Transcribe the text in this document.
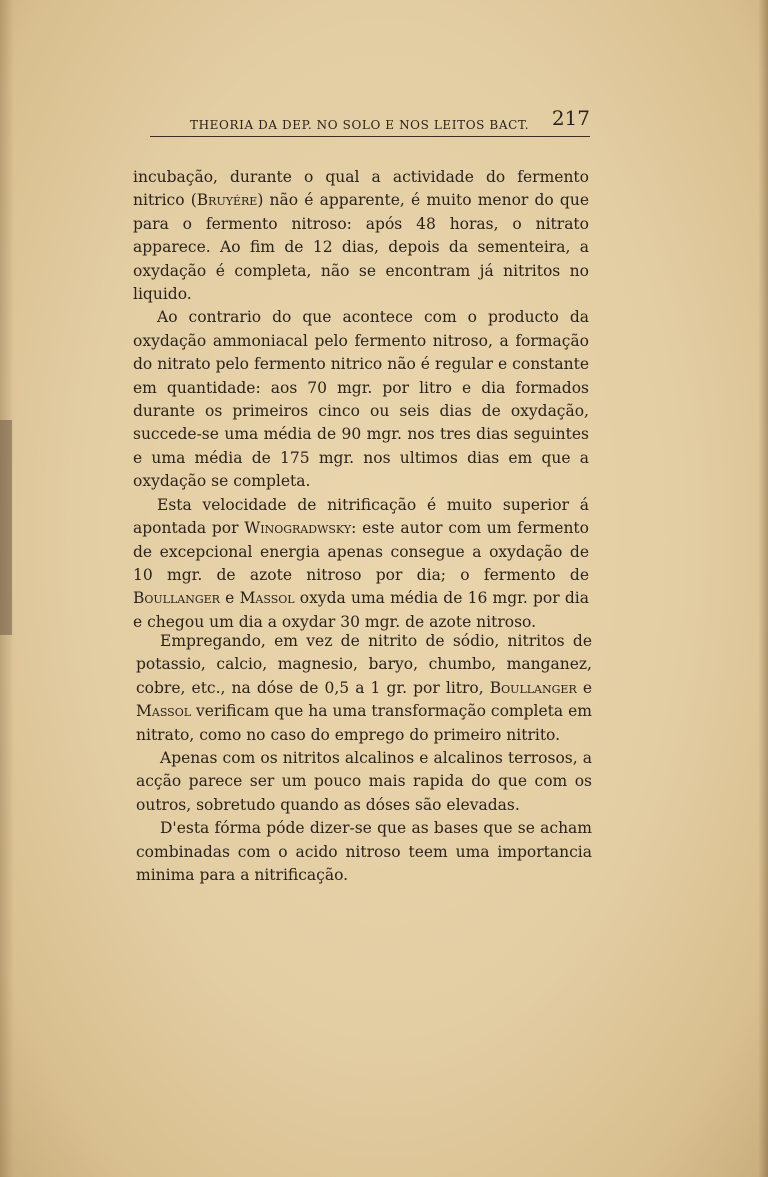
THEORIA DA DEP. NO SOLO E NOS LEITOS BACT. 217

incubação, durante o qual a actividade do fermento nitrico (Bruyére) não é apparente, é muito menor do que para o fermento nitroso: após 48 horas, o nitrato apparece. Ao fim de 12 dias, depois da sementeira, a oxydação é completa, não se encontram já nitritos no liquido.

Ao contrario do que acontece com o producto da oxydação ammoniacal pelo fermento nitroso, a formação do nitrato pelo fermento nitrico não é regular e constante em quantidade: aos 70 mgr. por litro e dia formados durante os primeiros cinco ou seis dias de oxydação, succede-se uma média de 90 mgr. nos tres dias seguintes e uma média de 175 mgr. nos ultimos dias em que a oxydação se completa.

Esta velocidade de nitrificação é muito superior á apontada por Winogradwsky: este autor com um fermento de excepcional energia apenas consegue a oxydação de 10 mgr. de azote nitroso por dia; o fermento de Boullanger e Massol oxyda uma média de 16 mgr. por dia e chegou um dia a oxydar 30 mgr. de azote nitroso.

Empregando, em vez de nitrito de sódio, nitritos de potassio, calcio, magnesio, baryo, chumbo, manganez, cobre, etc., na dóse de 0,5 a 1 gr. por litro, Boullanger e Massol verificam que ha uma transformação completa em nitrato, como no caso do emprego do primeiro nitrito.

Apenas com os nitritos alcalinos e alcalinos terrosos, a acção parece ser um pouco mais rapida do que com os outros, sobretudo quando as dóses são elevadas.

D'esta fórma póde dizer-se que as bases que se acham combinadas com o acido nitroso teem uma importancia minima para a nitrificação.
